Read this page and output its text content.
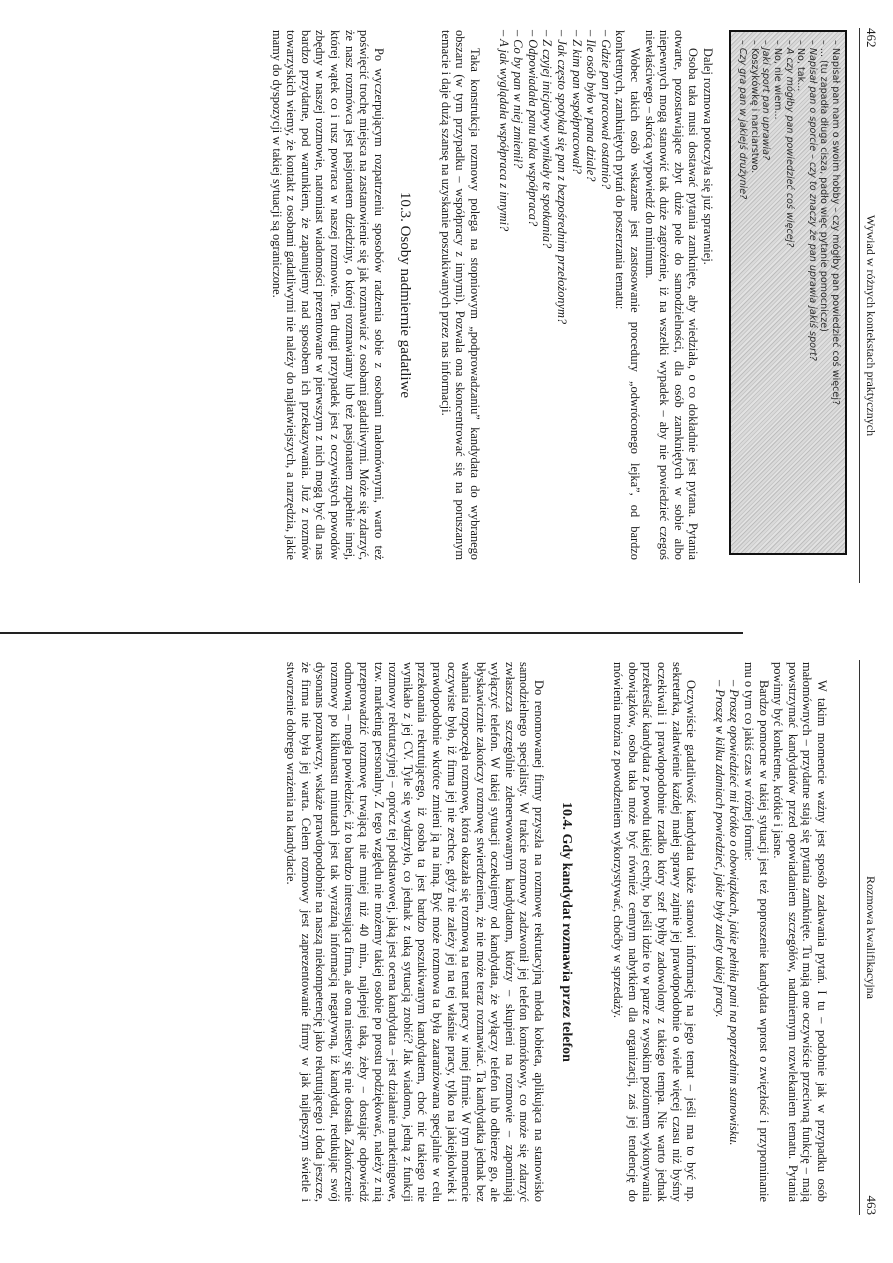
462
Wywiad w różnych kontekstach praktycznych

– Napisał pan nam o swoim hobby – czy mógłby pan powiedzieć coś więcej?

– ... (tu zapadła długa cisza, padło więc pytanie pomocnicze)

– Napisał pan o sporcie – czy to znaczy że pan uprawia jakiś sport?

– No, tak...

– A czy mógłby pan powiedzieć coś więcej?

– No, nie wiem...

– Jaki sport pan uprawia?

– Koszykówkę i narciarstwo.

– Czy gra pan w jakiejś drużynie?

Dalej rozmowa potoczyła się już sprawniej.

Osoba taka musi dostawać pytania zamknięte, aby wiedziała, o co dokładnie jest pytana. Pytania otwarte, pozostawiające zbyt duże pole do samodzielności, dla osób zamkniętych w sobie albo niepewnych mogą stanowić tak duże zagrożenie, iż na wszelki wypadek – aby nie powiedzieć czegoś niewłaściwego – skrócą wypowiedź do minimum.

Wobec takich osób wskazane jest zastosowanie procedury „odwróconego lejka”, od bardzo konkretnych, zamkniętych pytań do poszerzania tematu:

– Gdzie pan pracował ostatnio?

– Ile osób było w pana dziale?

– Z kim pan współpracował?

– Jak często spotykał się pan z bezpośrednim przełożonym?

– Z czyjej inicjatywy wynikały te spotkania?

– Odpowiadała panu taka współpraca?

– Co by pan w niej zmienił?

– A jak wyglądała współpraca z innymi?

Taka konstrukcja rozmowy polega na stopniowym „podprowadzaniu” kandydata do wybranego obszaru (w tym przypadku – współpracy z innymi). Pozwala ona skoncentrować się na poruszanym temacie i daje dużą szansę na uzyskanie poszukiwanych przez nas informacji.

10.3. Osoby nadmiernie gadatliwe

Po wyczerpującym rozpatrzeniu sposobów radzenia sobie z osobami małomównymi, warto też poświęcić trochę miejsca na zastanowienie się jak rozmawiać z osobami gadatliwymi. Może się zdarzyć, że nasz rozmówca jest pasjonatem dziedziny, o której rozmawiamy lub też pasjonatem zupełnie innej, której wątek co i rusz powraca w naszej rozmowie. Ten drugi przypadek jest z oczywistych powodów zbędny w naszej rozmowie, natomiast wiadomości prezentowane w pierwszym z nich mogą być dla nas bardzo przydatne, pod warunkiem, że zapanujemy nad sposobem ich przekazywania. Już z rozmów towarzyskich wiemy, że kontakt z osobami gadatliwymi nie należy do najłatwiejszych, a narzędzia, jakie mamy do dyspozycji w takiej sytuacji są ograniczone.

Rozmowa kwalifikacyjna
463

W takim momencie ważny jest sposób zadawania pytań. I tu – podobnie jak w przypadku osób małomównych – przydatne stają się pytania zamknięte. Tu mają one oczywiście przeciwną funkcję – mają powstrzymać kandydatów przed opowiadaniem szczegółów, nadmiernym rozwlekaniem tematu. Pytania powinny być konkretne, krótkie i jasne.

Bardzo pomocne w takiej sytuacji jest też poproszenie kandydata wprost o zwięzłość i przypominanie mu o tym co jakiś czas w różnej formie:

– Proszę opowiedzieć mi krótko o obowiązkach, jakie pełniła pani na poprzednim stanowisku.

– Proszę w kilku zdaniach powiedzieć, jakie były zalety takiej pracy.

Oczywiście gadatliwość kandydata także stanowi informację na jego temat – jeśli ma to być np. sekretarka, załatwienie każdej małej sprawy zajmie jej prawdopodobnie o wiele więcej czasu niż byśmy oczekiwali i prawdopodobnie rzadko który szef byłby zadowolony z takiego tempa. Nie warto jednak przekreślać kandydata z powodu takiej cechy, bo jeśli idzie to w parze z wysokim poziomem wykonywania obowiązków, osoba taka może być również cennym nabytkiem dla organizacji, zaś jej tendencję do mówienia można z powodzeniem wykorzystywać, choćby w sprzedaży.

10.4. Gdy kandydat rozmawia przez telefon

Do renomowanej firmy przyszła na rozmowę rekrutacyjną młoda kobieta, aplikująca na stanowisko samodzielnego specjalisty. W trakcie rozmowy zadzwonił jej telefon komórkowy, co może się zdarzyć zwłaszcza szczególnie zdenerwowanym kandydatom, którzy – skupieni na rozmowie – zapominają wyłączyć telefon. W takiej sytuacji oczekujemy od kandydata, że wyłączy telefon lub odbierze go, ale błyskawicznie zakończy rozmowę stwierdzeniem, że nie może teraz rozmawiać. Ta kandydatka jednak bez wahania rozpoczęła rozmowę, która okazała się rozmową na temat pracy w innej firmie. W tym momencie oczywiste było, iż firma jej nie zechce, gdyż nie zależy jej na tej właśnie pracy, tylko na jakiejkolwiek i prawdopodobnie wkrótce zmieni ją na inną. Być może rozmowa ta była zaaranżowana specjalnie w celu przekonania rekrutującego, iż osoba ta jest bardzo poszukiwanym kandydatem, choć nic takiego nie wynikało z jej CV. Tyle się wydarzyło, co jednak z taką sytuacją zrobić? Jak wiadomo, jedną z funkcji rozmowy rekrutacyjnej – oprócz tej podstawowej, jaką jest ocena kandydata – jest działanie marketingowe, tzw. marketing personalny. Z tego względu nie możemy takiej osobie po prostu podziękować, należy z nią przeprowadzić rozmowę trwającą nie mniej niż 40 min., najlepiej taką, żeby – dostając odpowiedź odmowną – mogła powiedzieć, iż to bardzo interesująca firma, ale ona niestety się nie dostała. Zakończenie rozmowy po kilkunastu minutach jest tak wyraźną informacją negatywną, iż kandydat, redukując swój dysonans poznawczy, wskaże prawdopodobnie na naszą niekompetencję jako rekrutującego i doda jeszcze, że firma nie była jej warta. Celem rozmowy jest zaprezentowanie firmy w jak najlepszym świetle i stworzenie dobrego wrażenia na kandydacie.
